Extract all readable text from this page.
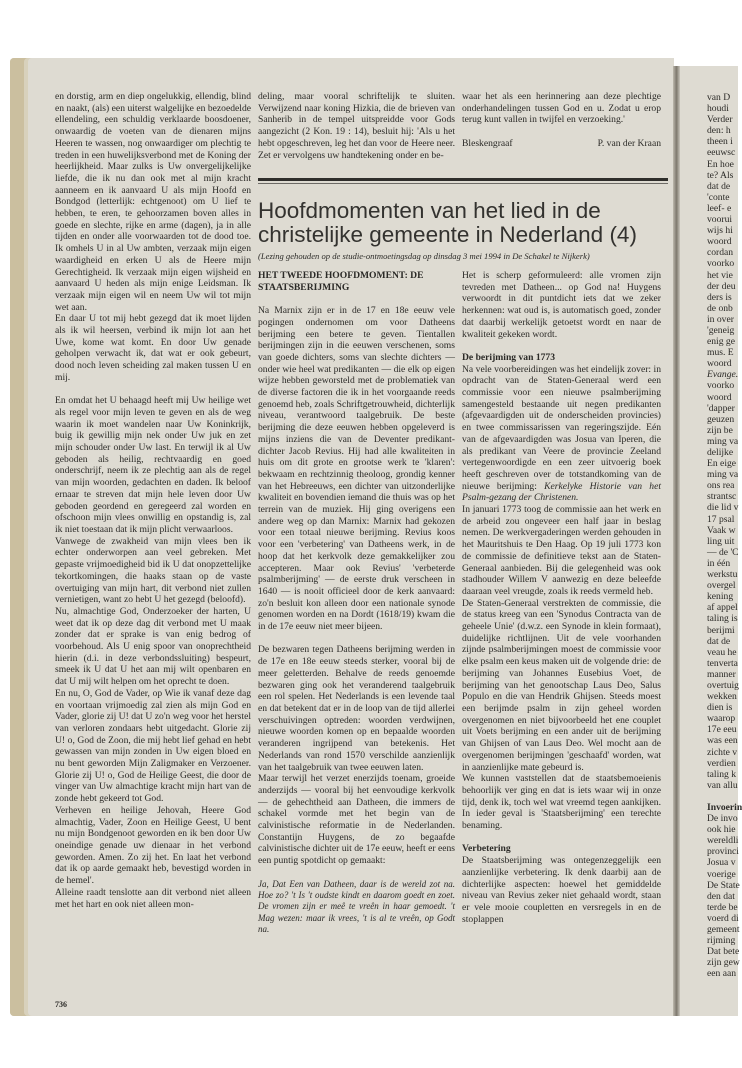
van D
houdi
Verder
den: h
theen i
eeuwsc
En hoe
te? Als
dat de
'conte
leef- e
voorui
wijs hi
woord
cordan
voorko
het vie
der deu
ders is
de onb
in over
'geneig
enig ge
mus. E
woord
Evange.
voorko
woord
'dapper
geuzen
zijn be
ming va
delijke
En eige
ming va
ons rea
strantsc
die lid v
17 psal
Vaak w
ling uit
— de 'C
in één
werkstu
overgel
kening
af appel
taling is
berijmi
dat de
veau he
tenverta
manner
overtuig
wekken
dien is
waarop
17e eeu
was een
zichte v
verdien
taling k
van allu
Invoerin
De invo
ook hie
wereldli
provinci
Josua v
voerige
De State
den dat
terde be
voerd di
gemeent
rijming
Dat bete
zijn gew
een aan

en dorstig, arm en diep ongelukkig, ellendig, blind en naakt, (als) een uiterst walgelijke en bezoedelde ellendeling, een schuldig verklaarde boosdoener, onwaardig de voeten van de dienaren mijns Heeren te wassen, nog onwaardiger om plechtig te treden in een huwelijksverbond met de Koning der heerlijkheid. Maar zulks is Uw onvergelijkelijke liefde, die ik nu dan ook met al mijn kracht aanneem en ik aanvaard U als mijn Hoofd en Bondgod (letterlijk: echtgenoot) om U lief te hebben, te eren, te gehoorzamen boven alles in goede en slechte, rijke en arme (dagen), ja in alle tijden en onder alle voorwaarden tot de dood toe. Ik omhels U in al Uw ambten, verzaak mijn eigen waardigheid en erken U als de Heere mijn Gerechtigheid. Ik verzaak mijn eigen wijsheid en aanvaard U heden als mijn enige Leidsman. Ik verzaak mijn eigen wil en neem Uw wil tot mijn wet aan.

En daar U tot mij hebt gezegd dat ik moet lijden als ik wil heersen, verbind ik mijn lot aan het Uwe, kome wat komt. En door Uw genade geholpen verwacht ik, dat wat er ook gebeurt, dood noch leven scheiding zal maken tussen U en mij.

En omdat het U behaagd heeft mij Uw heilige wet als regel voor mijn leven te geven en als de weg waarin ik moet wandelen naar Uw Koninkrijk, buig ik gewillig mijn nek onder Uw juk en zet mijn schouder onder Uw last. En terwijl ik al Uw geboden als heilig, rechtvaardig en goed onderschrijf, neem ik ze plechtig aan als de regel van mijn woorden, gedachten en daden. Ik beloof ernaar te streven dat mijn hele leven door Uw geboden geordend en geregeerd zal worden en ofschoon mijn vlees onwillig en opstandig is, zal ik niet toestaan dat ik mijn plicht verwaarloos.

Vanwege de zwakheid van mijn vlees ben ik echter onderworpen aan veel gebreken. Met gepaste vrijmoedigheid bid ik U dat onopzettelijke tekortkomingen, die haaks staan op de vaste overtuiging van mijn hart, dit verbond niet zullen vernietigen, want zo hebt U het gezegd (beloofd).

Nu, almachtige God, Onderzoeker der harten, U weet dat ik op deze dag dit verbond met U maak zonder dat er sprake is van enig bedrog of voorbehoud. Als U enig spoor van onoprechtheid hierin (d.i. in deze verbondssluiting) bespeurt, smeek ik U dat U het aan mij wilt openbaren en dat U mij wilt helpen om het oprecht te doen.

En nu, O, God de Vader, op Wie ik vanaf deze dag en voortaan vrijmoedig zal zien als mijn God en Vader, glorie zij U! dat U zo'n weg voor het herstel van verloren zondaars hebt uitgedacht. Glorie zij U! o, God de Zoon, die mij hebt lief gehad en hebt gewassen van mijn zonden in Uw eigen bloed en nu bent geworden Mijn Zaligmaker en Verzoener. Glorie zij U! o, God de Heilige Geest, die door de vinger van Uw almachtige kracht mijn hart van de zonde hebt gekeerd tot God.

Verheven en heilige Jehovah, Heere God almachtig, Vader, Zoon en Heilige Geest, U bent nu mijn Bondgenoot geworden en ik ben door Uw oneindige genade uw dienaar in het verbond geworden. Amen. Zo zij het. En laat het verbond dat ik op aarde gemaakt heb, bevestigd worden in de hemel'.

Alleine raadt tenslotte aan dit verbond niet alleen met het hart en ook niet alleen mon-

deling, maar vooral schriftelijk te sluiten. Verwijzend naar koning Hizkia, die de brieven van Sanherib in de tempel uitspreidde voor Gods aangezicht (2 Kon. 19 : 14), besluit hij: 'Als u het hebt opgeschreven, leg het dan voor de Heere neer. Zet er vervolgens uw handtekening onder en be-

waar het als een herinnering aan deze plechtige onderhandelingen tussen God en u. Zodat u erop terug kunt vallen in twijfel en verzoeking.'

Bleskengraaf	P. van der Kraan
Hoofdmomenten van het lied in de christelijke gemeente in Nederland (4)
(Lezing gehouden op de studie-ontmoetingsdag op dinsdag 3 mei 1994 in De Schakel te Nijkerk)

HET TWEEDE HOOFDMOMENT: DE STAATSBERIJMING

Na Marnix zijn er in de 17 en 18e eeuw vele pogingen ondernomen om voor Datheens berijming een betere te geven. Tientallen berijmingen zijn in die eeuwen verschenen, soms van goede dichters, soms van slechte dichters — onder wie heel wat predikanten — die elk op eigen wijze hebben geworsteld met de problematiek van de diverse factoren die ik in het voorgaande reeds genoemd heb, zoals Schriftgetrouwheid, dichterlijk niveau, verantwoord taalgebruik. De beste berijming die deze eeuwen hebben opgeleverd is mijns inziens die van de Deventer predikant-dichter Jacob Revius. Hij had alle kwaliteiten in huis om dit grote en grootse werk te 'klaren': bekwaam en rechtzinnig theoloog, grondig kenner van het Hebreeuws, een dichter van uitzonderlijke kwaliteit en bovendien iemand die thuis was op het terrein van de muziek. Hij ging overigens een andere weg op dan Marnix: Marnix had gekozen voor een totaal nieuwe berijming. Revius koos voor een 'verbetering' van Datheens werk, in de hoop dat het kerkvolk deze gemakkelijker zou accepteren. Maar ook Revius' 'verbeterde psalmberijming' — de eerste druk verscheen in 1640 — is nooit officieel door de kerk aanvaard: zo'n besluit kon alleen door een nationale synode genomen worden en na Dordt (1618/19) kwam die in de 17e eeuw niet meer bijeen.

De bezwaren tegen Datheens berijming werden in de 17e en 18e eeuw steeds sterker, vooral bij de meer geletterden. Behalve de reeds genoemde bezwaren ging ook het veranderend taalgebruik een rol spelen. Het Nederlands is een levende taal en dat betekent dat er in de loop van de tijd allerlei verschuivingen optreden: woorden verdwijnen, nieuwe woorden komen op en bepaalde woorden veranderen ingrijpend van betekenis. Het Nederlands van rond 1570 verschilde aanzienlijk van het taalgebruik van twee eeuwen laten.

Maar terwijl het verzet enerzijds toenam, groeide anderzijds — vooral bij het eenvoudige kerkvolk — de gehechtheid aan Datheen, die immers de schakel vormde met het begin van de calvinistische reformatie in de Nederlanden. Constantijn Huygens, de zo begaafde calvinistische dichter uit de 17e eeuw, heeft er eens een puntig spotdicht op gemaakt:

Ja, Dat Een van Datheen, daar is de wereld zot na. Hoe zo? 't Is 't oudste kindt en daarom goedt en zoet. De vromen zijn er meê te vreên in haar gemoedt. 't Mag wezen: maar ik vrees, 't is al te vreên, op Godt na.

Het is scherp geformuleerd: alle vromen zijn tevreden met Datheen... op God na! Huygens verwoordt in dit puntdicht iets dat we zeker herkennen: wat oud is, is automatisch goed, zonder dat daarbij werkelijk getoetst wordt en naar de kwaliteit gekeken wordt.

De berijming van 1773

Na vele voorbereidingen was het eindelijk zover: in opdracht van de Staten-Generaal werd een commissie voor een nieuwe psalmberijming samengesteld bestaande uit negen predikanten (afgevaardigden uit de onderscheiden provincies) en twee commissarissen van regeringszijde. Eén van de afgevaardigden was Josua van Iperen, die als predikant van Veere de provincie Zeeland vertegenwoordigde en een zeer uitvoerig boek heeft geschreven over de totstandkoming van de nieuwe berijming: Kerkelyke Historie van het Psalm-gezang der Christenen.

In januari 1773 toog de commissie aan het werk en de arbeid zou ongeveer een half jaar in beslag nemen. De werkvergaderingen werden gehouden in het Mauritshuis te Den Haag. Op 19 juli 1773 kon de commissie de definitieve tekst aan de Staten-Generaal aanbieden. Bij die gelegenheid was ook stadhouder Willem V aanwezig en deze beleefde daaraan veel vreugde, zoals ik reeds vermeld heb.

De Staten-Generaal verstrekten de commissie, die de status kreeg van een 'Synodus Contracta van de geheele Unie' (d.w.z. een Synode in klein formaat), duidelijke richtlijnen. Uit de vele voorhanden zijnde psalmberijmingen moest de commissie voor elke psalm een keus maken uit de volgende drie: de berijming van Johannes Eusebius Voet, de berijming van het genootschap Laus Deo, Salus Populo en die van Hendrik Ghijsen. Steeds moest een berijmde psalm in zijn geheel worden overgenomen en niet bijvoorbeeld het ene couplet uit Voets berijming en een ander uit de berijming van Ghijsen of van Laus Deo. Wel mocht aan de overgenomen berijmingen 'geschaafd' worden, wat in aanzienlijke mate gebeurd is.

We kunnen vaststellen dat de staatsbemoeienis behoorlijk ver ging en dat is iets waar wij in onze tijd, denk ik, toch wel wat vreemd tegen aankijken. In ieder geval is 'Staatsberijming' een terechte benaming.

Verbetering

De Staatsberijming was ontegenzeggelijk een aanzienlijke verbetering. Ik denk daarbij aan de dichterlijke aspecten: hoewel het gemiddelde niveau van Revius zeker niet gehaald wordt, staan er vele mooie coupletten en versregels in en de stoplappen

736
